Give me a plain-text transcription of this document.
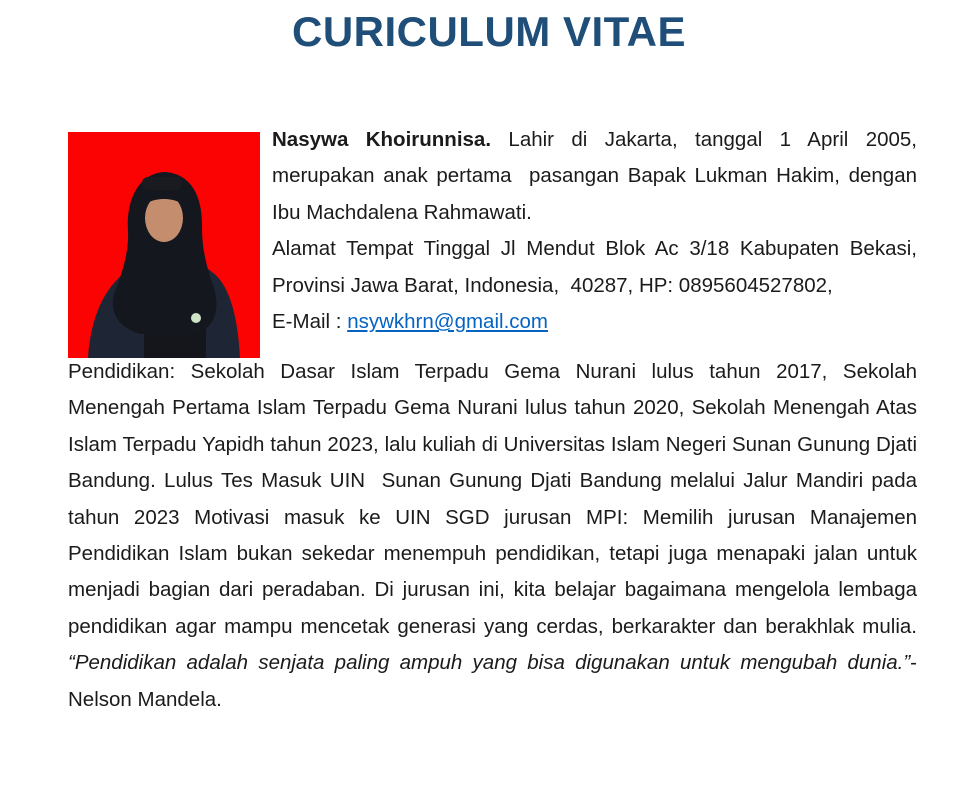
CURICULUM VITAE

Nasywa Khoirunnisa. Lahir di Jakarta, tanggal 1 April 2005, merupakan anak pertama  pasangan Bapak Lukman Hakim, dengan Ibu Machdalena Rahmawati.

Alamat Tempat Tinggal Jl Mendut Blok Ac 3/18 Kabupaten Bekasi, Provinsi Jawa Barat, Indonesia,  40287, HP: 0895604527802,

E-Mail : nsywkhrn@gmail.com

Pendidikan: Sekolah Dasar Islam Terpadu Gema Nurani lulus tahun 2017, Sekolah Menengah Pertama Islam Terpadu Gema Nurani lulus tahun 2020, Sekolah Menengah Atas Islam Terpadu Yapidh tahun 2023, lalu kuliah di Universitas Islam Negeri Sunan Gunung Djati Bandung. Lulus Tes Masuk UIN  Sunan Gunung Djati Bandung melalui Jalur Mandiri pada tahun 2023 Motivasi masuk ke UIN SGD jurusan MPI: Memilih jurusan Manajemen Pendidikan Islam bukan sekedar menempuh pendidikan, tetapi juga menapaki jalan untuk menjadi bagian dari peradaban. Di jurusan ini, kita belajar bagaimana mengelola lembaga pendidikan agar mampu mencetak generasi yang cerdas, berkarakter dan berakhlak mulia. “Pendidikan adalah senjata paling ampuh yang bisa digunakan untuk mengubah dunia.”-Nelson Mandela.
